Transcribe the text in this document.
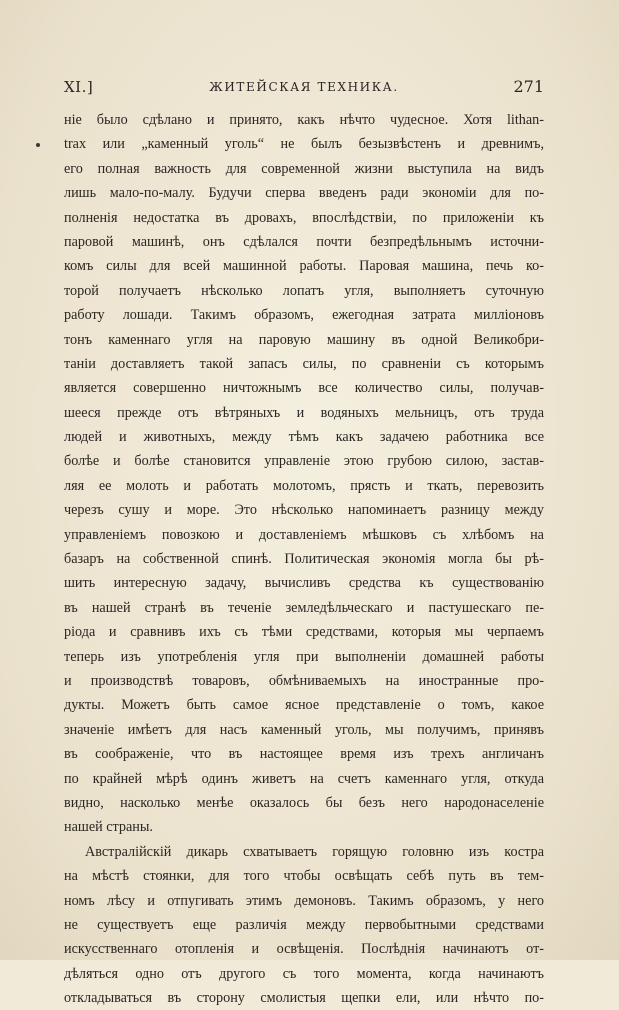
XI.]	ЖИТЕЙСКАЯ ТЕХНИКА.	271
ніе было сдѣлано и принято, какъ нѣчто чудесное. Хотя lithan-
trax или „каменный уголь“ не былъ безызвѣстенъ и древнимъ,
его полная важность для современной жизни выступила на видъ
лишь мало-по-малу. Будучи сперва введенъ ради экономіи для по-
полненія недостатка въ дровахъ, впослѣдствіи, по приложеніи къ
паровой машинѣ, онъ сдѣлался почти безпредѣльнымъ источни-
комъ силы для всей машинной работы. Паровая машина, печь ко-
торой получаетъ нѣсколько лопатъ угля, выполняетъ суточную
работу лошади. Такимъ образомъ, ежегодная затрата милліоновъ
тонъ каменнаго угля на паровую машину въ одной Великобри-
таніи доставляетъ такой запасъ силы, по сравненіи съ которымъ
является совершенно ничтожнымъ все количество силы, получав-
шееся прежде отъ вѣтряныхъ и водяныхъ мельницъ, отъ труда
людей и животныхъ, между тѣмъ какъ задачею работника все
болѣе и болѣе становится управленіе этою грубою силою, застав-
ляя ее молоть и работать молотомъ, прясть и ткать, перевозить
черезъ сушу и море. Это нѣсколько напоминаетъ разницу между
управленіемъ повозкою и доставленіемъ мѣшковъ съ хлѣбомъ на
базаръ на собственной спинѣ. Политическая экономія могла бы рѣ-
шить интересную задачу, вычисливъ средства къ существованію
въ нашей странѣ въ теченіе земледѣльческаго и пастушескаго пе-
ріода и сравнивъ ихъ съ тѣми средствами, которыя мы черпаемъ
теперь изъ употребленія угля при выполненіи домашней работы
и производствѣ товаровъ, обмѣниваемыхъ на иностранные про-
дукты. Можетъ быть самое ясное представленіе о томъ, какое
значеніе имѣетъ для насъ каменный уголь, мы получимъ, принявъ
въ соображеніе, что въ настоящее время изъ трехъ англичанъ
по крайней мѣрѣ одинъ живетъ на счетъ каменнаго угля, откуда
видно, насколько менѣе оказалось бы безъ него народонаселеніе
нашей страны.
Австралійскій дикарь схватываетъ горящую головню изъ костра
на мѣстѣ стоянки, для того чтобы освѣщать себѣ путь въ тем-
номъ лѣсу и отпугивать этимъ демоновъ. Такимъ образомъ, у него
не существуетъ еще различія между первобытными средствами
искусственнаго отопленія и освѣщенія. Послѣднія начинаютъ от-
дѣляться одно отъ другого съ того момента, когда начинаютъ
откладываться въ сторону смолистыя щепки ели, или нѣчто по-
